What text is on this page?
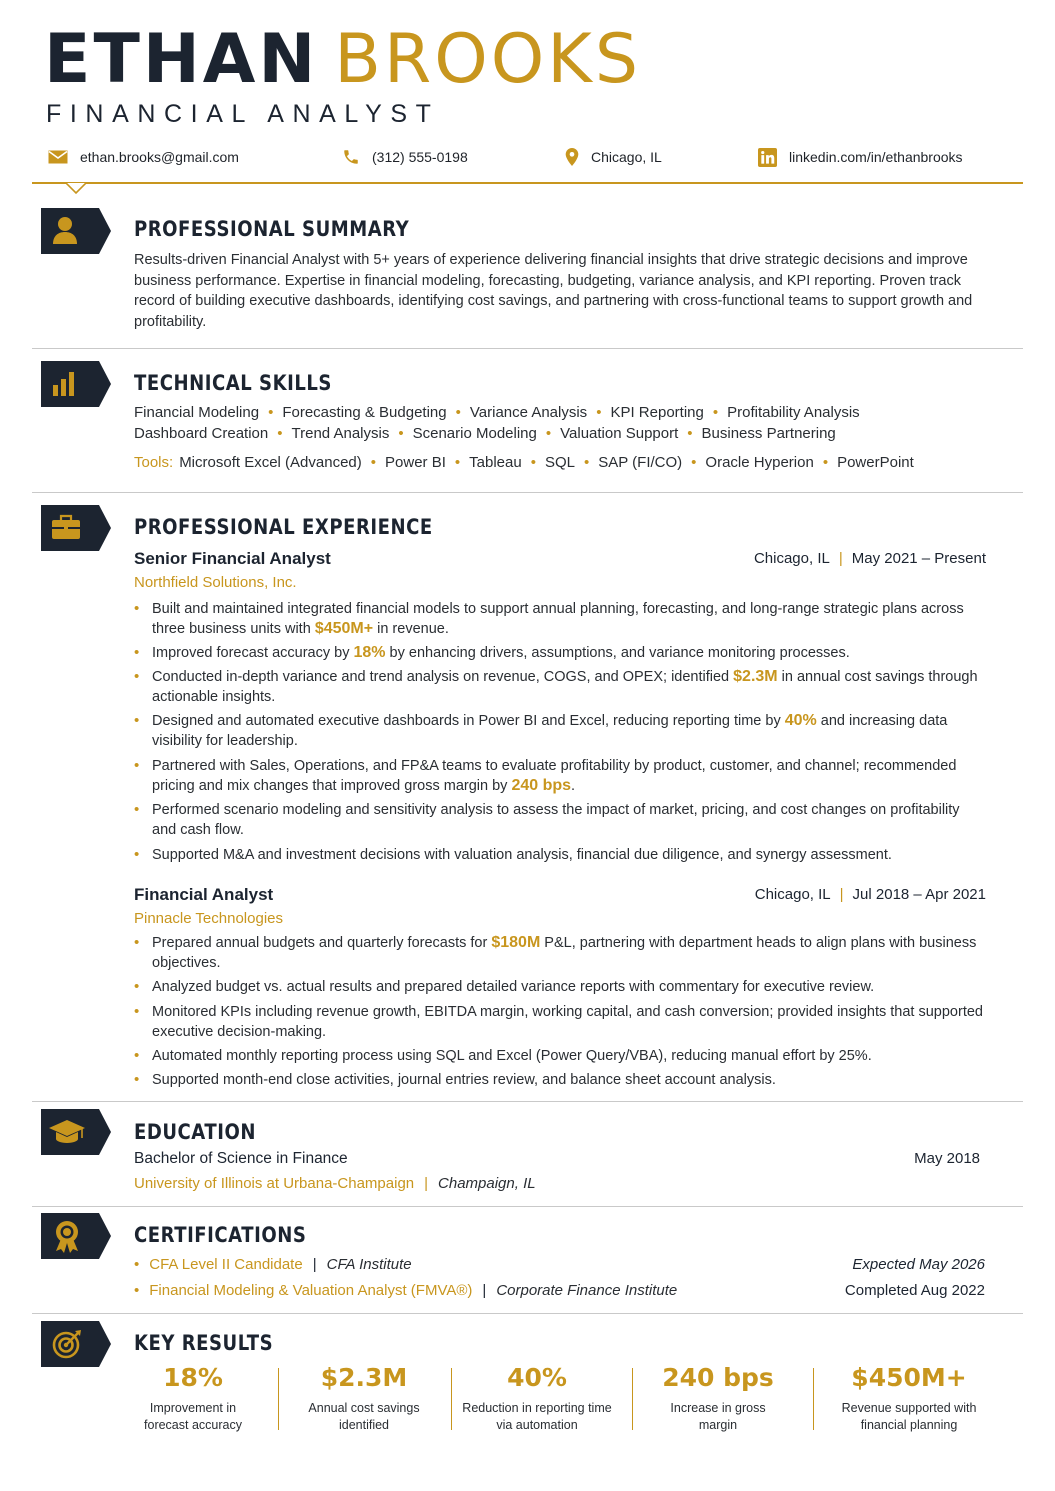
ETHAN BROOKS
FINANCIAL ANALYST
ethan.brooks@gmail.com	(312) 555-0198	Chicago, IL	linkedin.com/in/ethanbrooks
PROFESSIONAL SUMMARY
Results-driven Financial Analyst with 5+ years of experience delivering financial insights that drive strategic decisions and improve business performance. Expertise in financial modeling, forecasting, budgeting, variance analysis, and KPI reporting. Proven track record of building executive dashboards, identifying cost savings, and partnering with cross-functional teams to support growth and profitability.
TECHNICAL SKILLS
Financial Modeling • Forecasting & Budgeting • Variance Analysis • KPI Reporting • Profitability Analysis
Dashboard Creation • Trend Analysis • Scenario Modeling • Valuation Support • Business Partnering
Tools: Microsoft Excel (Advanced) • Power BI • Tableau • SQL • SAP (FI/CO) • Oracle Hyperion • PowerPoint
PROFESSIONAL EXPERIENCE
Senior Financial Analyst	Chicago, IL | May 2021 – Present
Northfield Solutions, Inc.
• Built and maintained integrated financial models to support annual planning, forecasting, and long-range strategic plans across three business units with $450M+ in revenue.
• Improved forecast accuracy by 18% by enhancing drivers, assumptions, and variance monitoring processes.
• Conducted in-depth variance and trend analysis on revenue, COGS, and OPEX; identified $2.3M in annual cost savings through actionable insights.
• Designed and automated executive dashboards in Power BI and Excel, reducing reporting time by 40% and increasing data visibility for leadership.
• Partnered with Sales, Operations, and FP&A teams to evaluate profitability by product, customer, and channel; recommended pricing and mix changes that improved gross margin by 240 bps.
• Performed scenario modeling and sensitivity analysis to assess the impact of market, pricing, and cost changes on profitability and cash flow.
• Supported M&A and investment decisions with valuation analysis, financial due diligence, and synergy assessment.
Financial Analyst	Chicago, IL | Jul 2018 – Apr 2021
Pinnacle Technologies
• Prepared annual budgets and quarterly forecasts for $180M P&L, partnering with department heads to align plans with business objectives.
• Analyzed budget vs. actual results and prepared detailed variance reports with commentary for executive review.
• Monitored KPIs including revenue growth, EBITDA margin, working capital, and cash conversion; provided insights that supported executive decision-making.
• Automated monthly reporting process using SQL and Excel (Power Query/VBA), reducing manual effort by 25%.
• Supported month-end close activities, journal entries review, and balance sheet account analysis.
EDUCATION
Bachelor of Science in Finance	May 2018
University of Illinois at Urbana-Champaign | Champaign, IL
CERTIFICATIONS
• CFA Level II Candidate | CFA Institute	Expected May 2026
• Financial Modeling & Valuation Analyst (FMVA®) | Corporate Finance Institute	Completed Aug 2022
KEY RESULTS
18%
Improvement in forecast accuracy
$2.3M
Annual cost savings identified
40%
Reduction in reporting time via automation
240 bps
Increase in gross margin
$450M+
Revenue supported with financial planning
